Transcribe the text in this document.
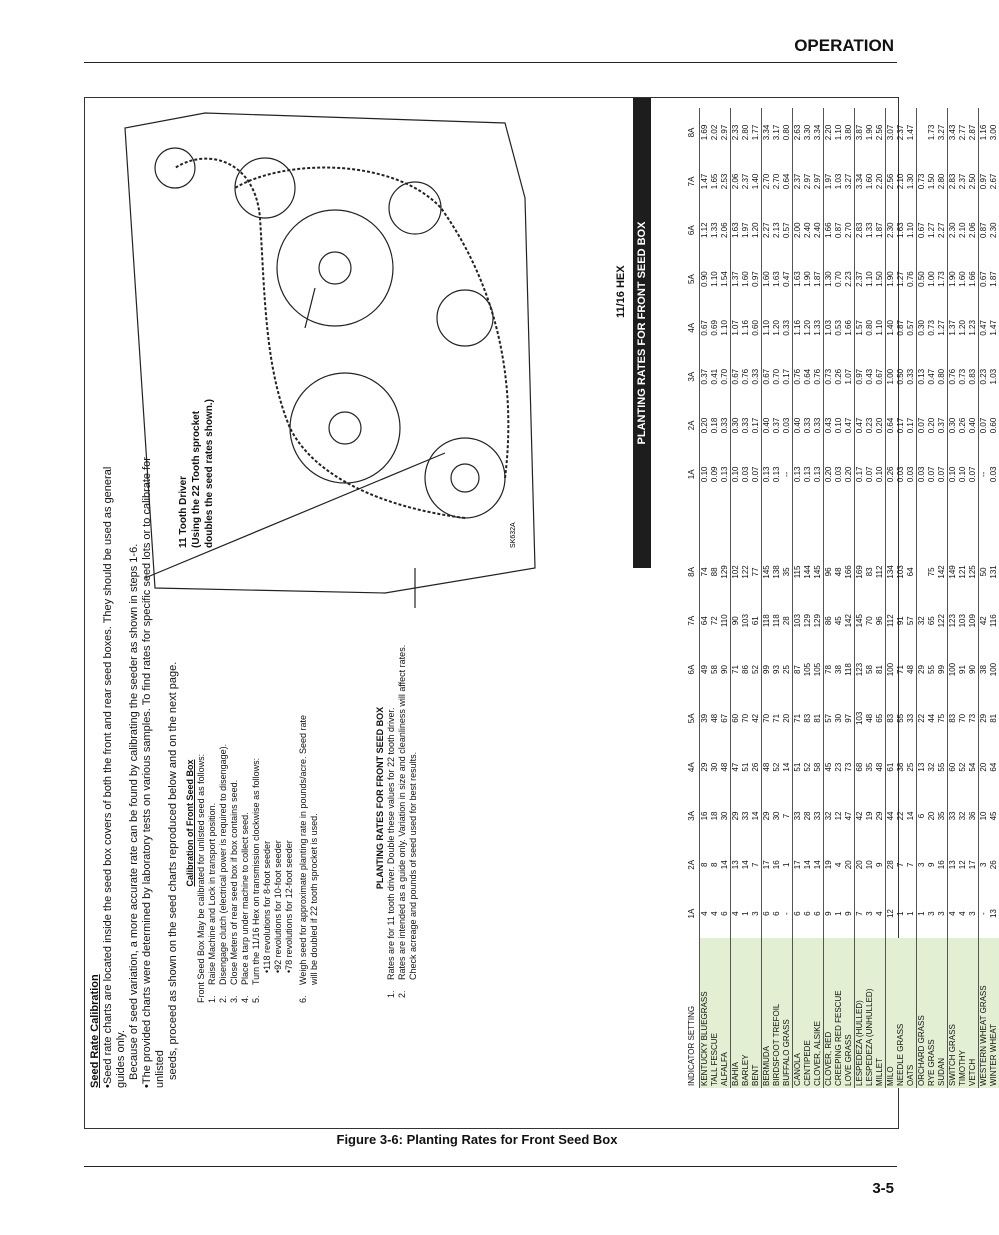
OPERATION
Seed Rate Calibration •Seed rate charts are located inside the seed box covers of both the front and rear seed boxes. They should be used as general guides only. Because of seed variation, a more accurate rate can be found by calibrating the seeder as shown in steps 1-6. •The provided charts were determined by laboratory tests on various samples. To find rates for specific seed lots or to calibrate for unlisted seeds, proceed as shown on the seed charts reproduced below and on the next page. Calibration of Front Seed Box Front Seed Box May be calibrated for unlisted seed as follows: 1.
Raise Machine and Lock in transport position.
2.
Disengage clutch (electrical power is required to disengage).
3.
Close Meters of rear seed box if box contains seed.
4.
Place a tarp under machine to collect seed.
5.
Turn the 11/16 Hex on transmission clockwise as follows: •118 revolutions for 8-foot seeder •92 revolutions for 10-foot seeder •78 revolutions for 12-foot seeder
6.
Weigh seed for approximate planting rate in pounds/acre. Seed rate
will be doubled if 22 tooth sprocket is used.
PLANTING RATES FOR FRONT SEED BOX
1.
Rates are for 11 tooth driver. Double these values for 22 tooth driver.
2.
Rates are intended as a guide only. Variation in size and cleanliness will affect rates.
Check acreage and pounds of seed used for best results.
SK632A
11 Tooth Driver (Using the 22 Tooth sprocket doubles the seed rates shown.)
11/16 HEX PLANTING RATES FOR FRONT SEED BOX
INDICATOR SETTING	1A	2A	3A	4A	5A	6A	7A	8A		1A	2A	3A	4A	5A	6A	7A	8A
KENTUCKY BLUEGRASS	4	8	16	29	39	49	64	74		0.10	0.20	0.37	0.67	0.90	1.12	1.47	1.69
TALL FESCUE	4	8	18	30	48	58	72	88		0.09	0.18	0.41	0.69	1.10	1.33	1.65	2.02
ALFALFA	6	14	30	48	67	90	110	129		0.13	0.33	0.70	1.10	1.54	2.06	2.53	2.97
BAHIA	4	13	29	47	60	71	90	102		0.10	0.30	0.67	1.07	1.37	1.63	2.06	2.33
BARLEY	1	14	33	51	70	86	103	122		0.03	0.33	0.76	1.16	1.60	1.97	2.37	2.80
BENT	3	7	14	26	42	52	61	77		0.07	0.17	0.33	0.60	0.97	1.20	1.40	1.77
BERMUDA	6	17	29	48	70	99	118	145		0.13	0.40	0.67	1.10	1.60	2.27	2.70	3.34
BIRDSFOOT TREFOIL	6	16	30	52	71	93	118	138		0.13	0.37	0.70	1.20	1.63	2.13	2.70	3.17
BUFFALO GRASS	-	1	7	14	20	25	28	35		--	0.03	0.17	0.33	0.47	0.57	0.64	0.80
CANOLA	6	17	33	51	71	87	103	115		0.13	0.40	0.76	1.16	1.63	2.00	2.37	2.63
CENTIPEDE	6	14	28	52	83	105	129	144		0.13	0.33	0.64	1.20	1.90	2.40	2.97	3.30
CLOVER, ALSIKE	6	14	33	58	81	105	129	145		0.13	0.33	0.76	1.33	1.87	2.40	2.97	3.34
CLOVER, RED	9	19	32	45	57	78	86	96		0.20	0.43	0.73	1.03	1.30	1.66	1.97	2.20
CREEPING RED FESCUE	1	4	12	23	30	38	45	48		0.03	0.10	0.26	0.53	0.70	0.87	1.03	1.10
LOVE GRASS	9	20	47	73	97	118	142	166		0.20	0.47	1.07	1.66	2.23	2.70	3.27	3.80
LESPEDEZA (HULLED)	7	20	42	68	103	123	145	169		0.17	0.47	0.97	1.57	2.37	2.83	3.34	3.87
LESPEDEZA (UNHULLED)	3	10	19	35	48	58	70	83		0.07	0.23	0.43	0.80	1.10	1.33	1.60	1.90
MILLET	4	9	29	48	65	81	96	112		0.10	0.20	0.67	1.10	1.50	1.87	2.20	2.56
MILO	12	28	44	61	83	100	112	134		0.26	0.64	1.00	1.40	1.90	2.30	2.56	3.07
NEEDLE GRASS	1	7	22	38	55	71	91	103		0.03	0.17	0.50	0.87	1.27	1.63	2.10	2.37
OATS	1	7	14	25	33	48	57	64		0.03	0.17	0.33	0.57	0.76	1.10	1.30	1.47
ORCHARD GRASS	1	3	6	13	22	29	32			0.03	0.07	0.13	0.30	0.50	0.67	0.73	
RYE GRASS	3	9	20	32	44	55	65	75		0.07	0.20	0.47	0.73	1.00	1.27	1.50	1.73
SUDAN	3	16	35	55	75	99	122	142		0.07	0.37	0.80	1.27	1.73	2.27	2.80	3.27
SWITCH GRASS	4	13	33	60	83	100	123	149		0.10	0.30	0.76	1.37	1.90	2.30	2.83	3.43
TIMOTHY	4	12	32	52	70	91	103	121		0.10	0.26	0.73	1.20	1.60	2.10	2.37	2.77
VETCH	3	17	36	54	73	90	109	125		0.07	0.40	0.83	1.23	1.66	2.06	2.50	2.87
WESTERN WHEAT GRASS	-	3	10	20	29	38	42	50		--	0.07	0.23	0.47	0.67	0.87	0.97	1.16
WINTER WHEAT	13	26	45	64	81	100	116	131		0.03	0.60	1.03	1.47	1.87	2.30	2.67	3.00
Figure 3-6: Planting Rates for Front Seed Box
3-5
